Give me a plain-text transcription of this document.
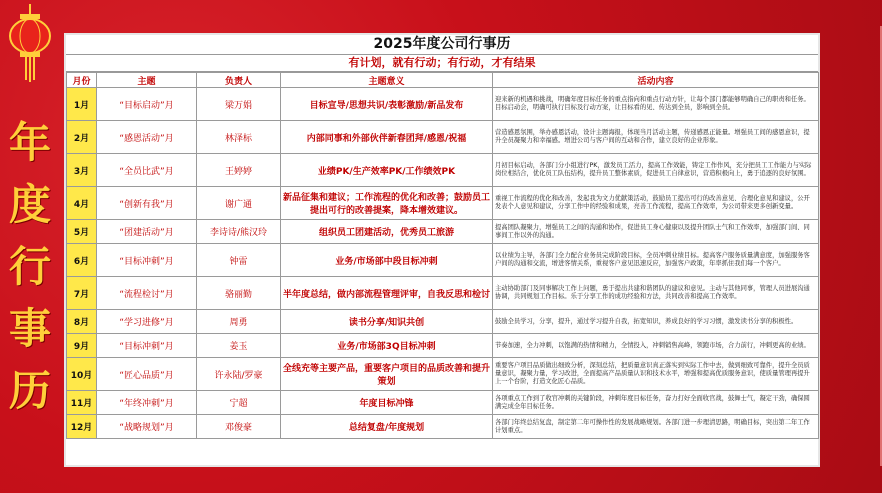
年
度
行
事
历
2025年度公司行事历
有计划，就有行动；有行动，才有结果
月份	主题	负责人	主题意义	活动内容
1月	“目标启动”月	梁万娟	目标宣导/思想共识/表彰激励/新品发布	迎来新的机遇和挑战，明确年度目标任务的重点指向和重点行动方针，让每个部门都能够明确自己的职责和任务。目标启动会，明确可执行目标及行动方案，让目标看的见、传达到全员，影响到全员。
2月	“感恩活动”月	林泽标	内部同事和外部伙伴新春团拜/感恩/祝福	营造感恩氛围，举办感恩活动，设计主题海报，体现当月活动主题，传递感恩正能量。增强员工间的感恩意识，提升全员凝聚力和幸福感。增进公司与客户间的互动和合作，建立良好的企业形象。
3月	“全员比武”月	王婷婷	业绩PK/生产效率PK/工作绩效PK	月初目标启动，各部门分小组进行PK，激发员工活力，提高工作效能，铸定工作作风，充分把员工工作能力与实际岗位相结合，优化员工队伍结构，提升员工整体素质，促进员工自律意识，营造积极向上，勇于追逐的良好氛围。
4月	“创新有我”月	谢广通	新品征集和建议；工作流程的优化和改善；鼓励员工提出可行的改善提案，降本增效建议。	重视工作流程的优化和改善，发起我为文力优献策活动，鼓励员工提出可行的改善意见、合理化意见和建议，公开发表个人意见和建议，分享工作中的经验和成果，亮善工作流程，提高工作效率，为公司带来更多创新变量。
5月	“团建活动”月	李诗诗/熊汉玲	组织员工团建活动，优秀员工旅游	提高团队凝聚力，增强员工之间的沟通和协作，促进员工身心健康以及提升团队士气和工作效率，加强部门间、同事间工作以外的沟通。
6月	“目标冲刺”月	钟雷	业务/市场部中段目标冲刺	以业绩为主导，各部门全力配合业务员完成阶段目标，全员冲刺业绩目标。提高客户服务质量满意度，加强服务客户间的沟通和交流，增进客情关系，重视客户意见迅速反应，加强客户政策，年率抓住我们每一个客户。
7月	“流程检讨”月	骆丽勤	半年度总结，做内部流程管理评审，自我反思和检讨	主动协助部门及同事解决工作上问题，勇于提出共建和谐团队的建议和意见。主动与其他同事，管理人员进展沟通协调，共同规划工作目标。乐于分享工作的成功经验和方法，共同改善和提高工作效率。
8月	“学习进修”月	周勇	读书分享/知识共创	鼓励全员学习，分享，提升，通过学习提升自我，拓宽知识，养成良好的学习习惯，激发读书分享的积极性。
9月	“目标冲刺”月	姜玉	业务/市场部3Q目标冲刺	节奏加速，全力冲刺，以饱满的热情和精力，全情投入，冲刺销售高峰，领跑市场，合力前行，冲刺更高的业绩。
10月	“匠心品质”月	许永陆/罗豪	全线充等主要产品，重要客户项目的品质改善和提升策划	重要客户项目品质做出细致分析，深刻总结，把质量意识真正落实到实际工作中去，做到细致可靠件，提升全员质量意识，凝聚力量，学习改进，全面提高产品质量认识和技术水平，增强和提高优质服务意识，使质量管理再提升上一个台阶，打造文化匠心品质。
11月	“年终冲刺”月	宁超	年度目标冲锋	各项重点工作到了收官冲刺的关键阶段，冲刺年度目标任务，奋力打好全面收官战，鼓舞士气，凝定干劲，确保圆满完成全年目标任务。
12月	“战略规划”月	邓俊豪	总结复盘/年度规划	各部门年终总结复盘，制定第二年可操作性的发展战略规划。各部门进一步理清思路，明确目标，突出第二年工作计划重点。
